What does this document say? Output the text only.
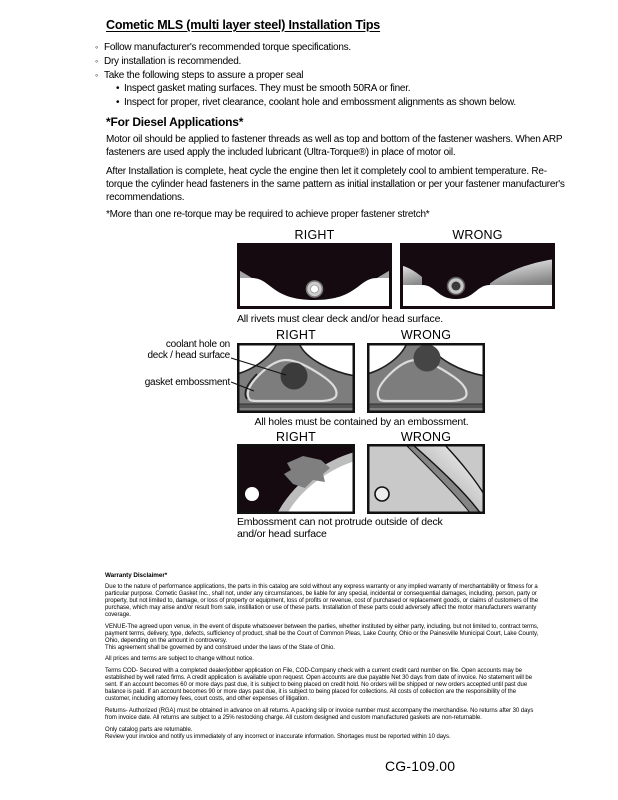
Cometic MLS (multi layer steel) Installation Tips
◦ Follow manufacturer's recommended torque specifications.
◦ Dry installation is recommended.
◦ Take the following steps to assure a proper seal
• Inspect gasket mating surfaces. They must be smooth 50RA or finer.
• Inspect for proper, rivet clearance, coolant hole and embossment alignments as shown below.
*For Diesel Applications*

Motor oil should be applied to fastener threads as well as top and bottom of the fastener washers. When ARP fasteners are used apply the included lubricant (Ultra-Torque®) in place of motor oil.

After Installation is complete, heat cycle the engine then let it completely cool to ambient temperature. Re-torque the cylinder head fasteners in the same pattern as initial installation or per your fastener manufacturer's recommendations.

*More than one re-torque may be required to achieve proper fastener stretch*

RIGHT	WRONG
All rivets must clear deck and/or head surface.
RIGHT	WRONG
coolant hole on
deck / head surface
gasket embossment
All holes must be contained by an embossment.
RIGHT	WRONG
Embossment can not protrude outside of deck
and/or head surface
Warranty Disclaimer*

Due to the nature of performance applications, the parts in this catalog are sold without any express warranty or any implied warranty of merchantability or fitness for a particular purpose. Cometic Gasket Inc., shall not, under any circumstances, be liable for any special, incidental or consequential damages, including, person, party or property, but not limited to, damage, or loss of property or equipment, loss of profits or revenue, cost of purchased or replacement goods, or claims of customers of the purchase, which may arise and/or result from sale, instillation or use of these parts. Installation of these parts could adversely affect the motor manufacturers warranty coverage.

VENUE-The agreed upon venue, in the event of dispute whatsoever between the parties, whether instituted by either party, including, but not limited to, contract terms, payment terms, delivery, type, defects, sufficiency of product, shall be the Court of Common Pleas, Lake County, Ohio or the Painesville Municipal Court, Lake County, Ohio, depending on the amount in controversy.

This agreement shall be governed by and construed under the laws of the State of Ohio.

All prices and terms are subject to change without notice.

Terms COD- Secured with a completed dealer/jobber application on File, COD-Company check with a current credit card number on file. Open accounts may be established by well rated firms. A credit application is available upon request. Open accounts are due payable Net 30 days from date of invoice. No statement will be sent. If an account becomes 60 or more days past due, it is subject to being placed on credit hold. No orders will be shipped or new orders accepted until past due balance is paid. If an account becomes 90 or more days past due, it is subject to being placed for collections. All costs of collection are the responsibility of the customer, including attorney fees, court costs, and other expenses of litigation.

Returns- Authorized (RGA) must be obtained in advance on all returns. A packing slip or invoice number must accompany the merchandise. No returns after 30 days from invoice date. All returns are subject to a 25% restocking charge. All custom designed and custom manufactured gaskets are non-returnable.

Only catalog parts are returnable.

Review your invoice and notify us immediately of any incorrect or inaccurate information. Shortages must be reported within 10 days.

CG-109.00
